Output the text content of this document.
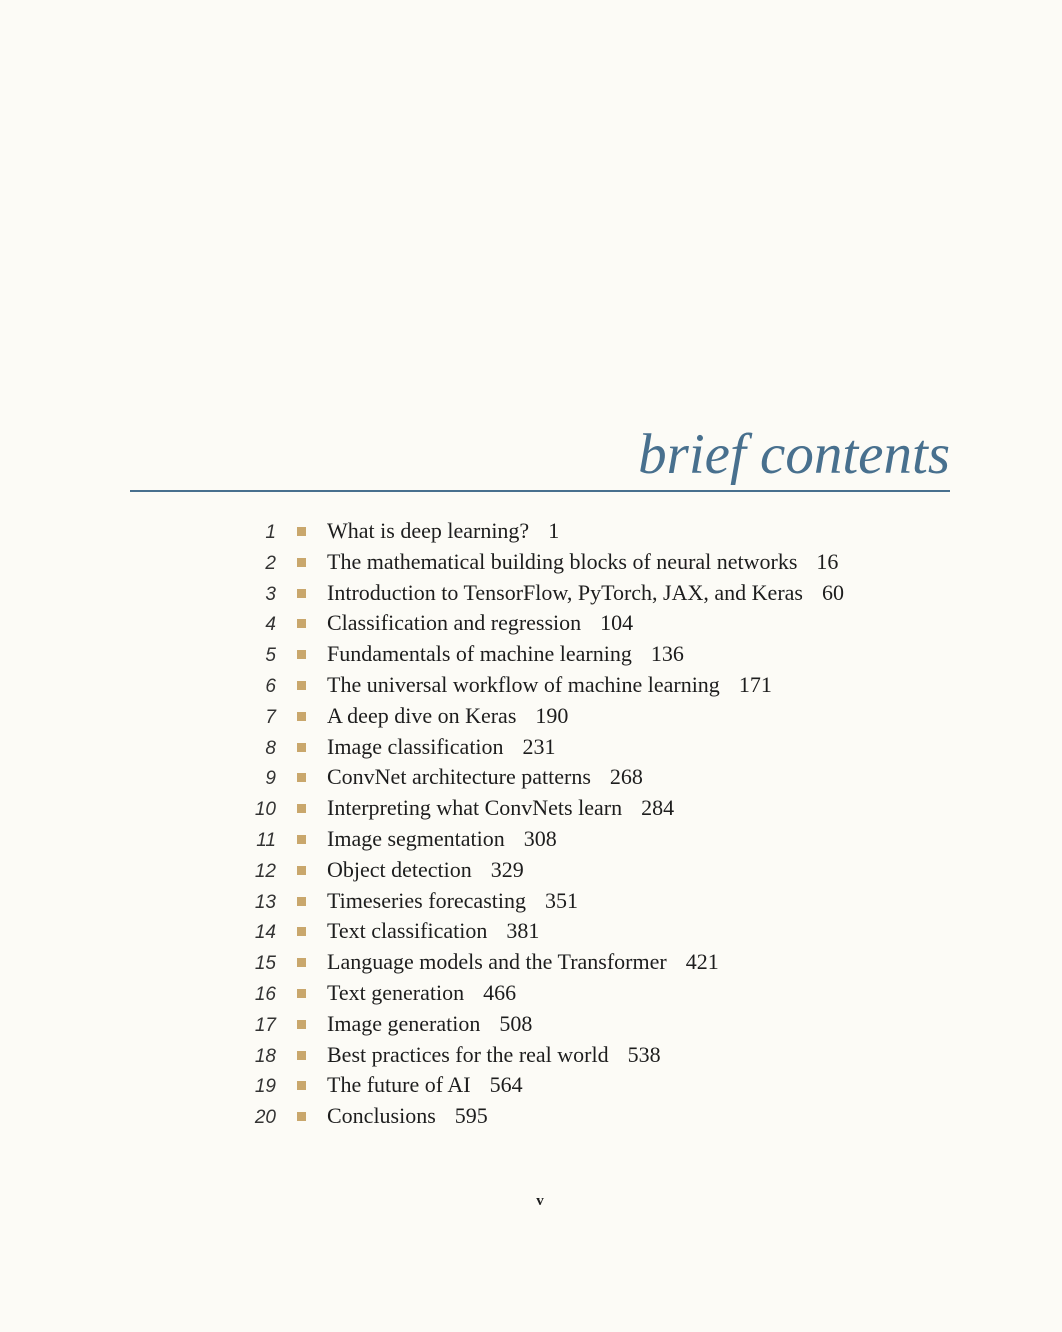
brief contents
1 What is deep learning? 1
2 The mathematical building blocks of neural networks 16
3 Introduction to TensorFlow, PyTorch, JAX, and Keras 60
4 Classification and regression 104
5 Fundamentals of machine learning 136
6 The universal workflow of machine learning 171
7 A deep dive on Keras 190
8 Image classification 231
9 ConvNet architecture patterns 268
10 Interpreting what ConvNets learn 284
11 Image segmentation 308
12 Object detection 329
13 Timeseries forecasting 351
14 Text classification 381
15 Language models and the Transformer 421
16 Text generation 466
17 Image generation 508
18 Best practices for the real world 538
19 The future of AI 564
20 Conclusions 595
v
